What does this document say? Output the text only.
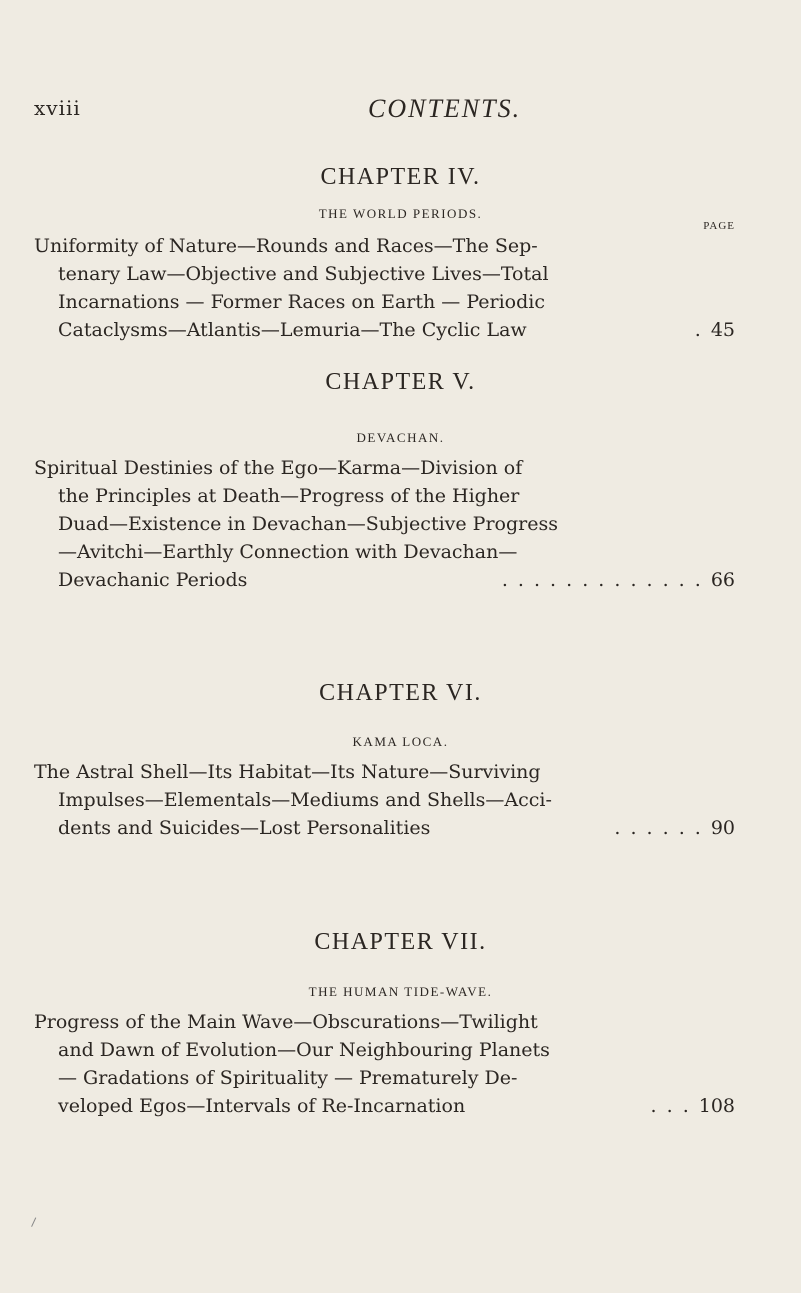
xviii	CONTENTS.
CHAPTER IV.
THE WORLD PERIODS.
PAGE
Uniformity of Nature—Rounds and Races—The Sep-
tenary Law—Objective and Subjective Lives—Total
Incarnations — Former Races on Earth — Periodic
Cataclysms—Atlantis—Lemuria—The Cyclic Law	. 45
CHAPTER V.
DEVACHAN.
Spiritual Destinies of the Ego—Karma—Division of
the Principles at Death—Progress of the Higher
Duad—Existence in Devachan—Subjective Progress
—Avitchi—Earthly Connection with Devachan—
Devachanic Periods	. . . . . . . . . . . . . 66
CHAPTER VI.
KAMA LOCA.
The Astral Shell—Its Habitat—Its Nature—Surviving
Impulses—Elementals—Mediums and Shells—Acci-
dents and Suicides—Lost Personalities	. . . . . . 90
CHAPTER VII.
THE HUMAN TIDE-WAVE.
Progress of the Main Wave—Obscurations—Twilight
and Dawn of Evolution—Our Neighbouring Planets
— Gradations of Spirituality — Prematurely De-
veloped Egos—Intervals of Re-Incarnation	. . . 108
